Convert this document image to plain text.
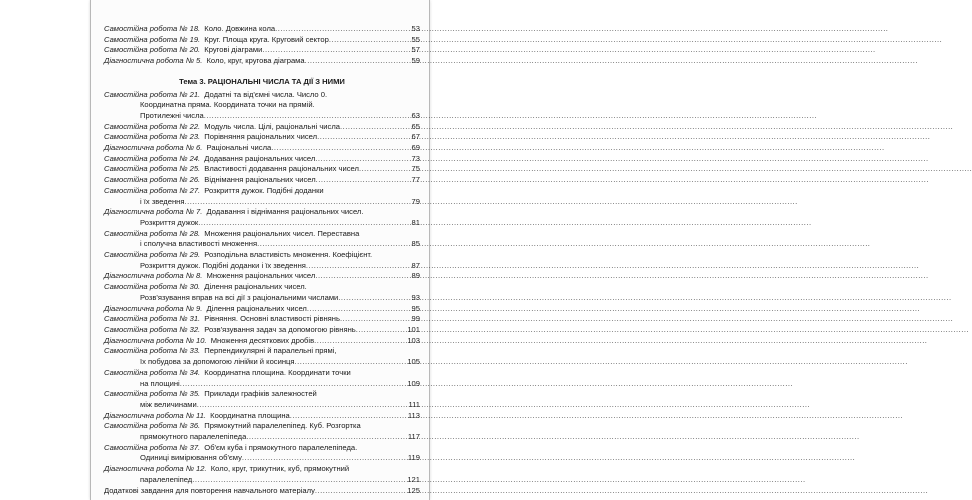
Самостійна робота № 18. Коло. Довжина кола .....	53
Самостійна робота № 19. Круг. Площа круга. Круговий сектор .....	55
Самостійна робота № 20. Кругові діаграми .....	57
Діагностична робота № 5. Коло, круг, кругова діаграма .....	59
Тема 3. РАЦІОНАЛЬНІ ЧИСЛА ТА ДІЇ З НИМИ
Самостійна робота № 21. Додатні та від'ємні числа. Число 0.
Координатна пряма. Координата точки на прямій.
Протилежні числа .....	63
Самостійна робота № 22. Модуль числа. Цілі, раціональні числа .....	65
Самостійна робота № 23. Порівняння раціональних чисел .....	67
Діагностична робота № 6. Раціональні числа .....	69
Самостійна робота № 24. Додавання раціональних чисел .....	73
Самостійна робота № 25. Властивості додавання раціональних чисел .....	75
Самостійна робота № 26. Віднімання раціональних чисел .....	77
Самостійна робота № 27. Розкриття дужок. Подібні доданки
і їх зведення .....	79
Діагностична робота № 7. Додавання і віднімання раціональних чисел.
Розкриття дужок .....	81
Самостійна робота № 28. Множення раціональних чисел. Переставна
і сполучна властивості множення .....	85
Самостійна робота № 29. Розподільна властивість множення. Коефіцієнт.
Розкриття дужок. Подібні доданки і їх зведення .....	87
Діагностична робота № 8. Множення раціональних чисел .....	89
Самостійна робота № 30. Ділення раціональних чисел.
Розв'язування вправ на всі дії з раціональними числами .....	93
Діагностична робота № 9. Ділення раціональних чисел .....	95
Самостійна робота № 31. Рівняння. Основні властивості рівнянь .....	99
Самостійна робота № 32. Розв'язування задач за допомогою рівнянь .....	101
Діагностична робота № 10. Множення десяткових дробів .....	103
Самостійна робота № 33. Перпендикулярні й паралельні прямі,
їх побудова за допомогою лінійки й косинця .....	105
Самостійна робота № 34. Координатна площина. Координати точки
на площині .....	109
Самостійна робота № 35. Приклади графіків залежностей
між величинами .....	111
Діагностична робота № 11. Координатна площина .....	113
Самостійна робота № 36. Прямокутний паралелепіпед. Куб. Розгортка
прямокутного паралелепіпеда .....	117
Самостійна робота № 37. Об'єм куба і прямокутного паралелепіпеда.
Одиниці вимірювання об'єму .....	119
Діагностична робота № 12. Коло, круг, трикутник, куб, прямокутний
паралелепіпед .....	121
Додаткові завдання для повторення навчального матеріалу .....	125
